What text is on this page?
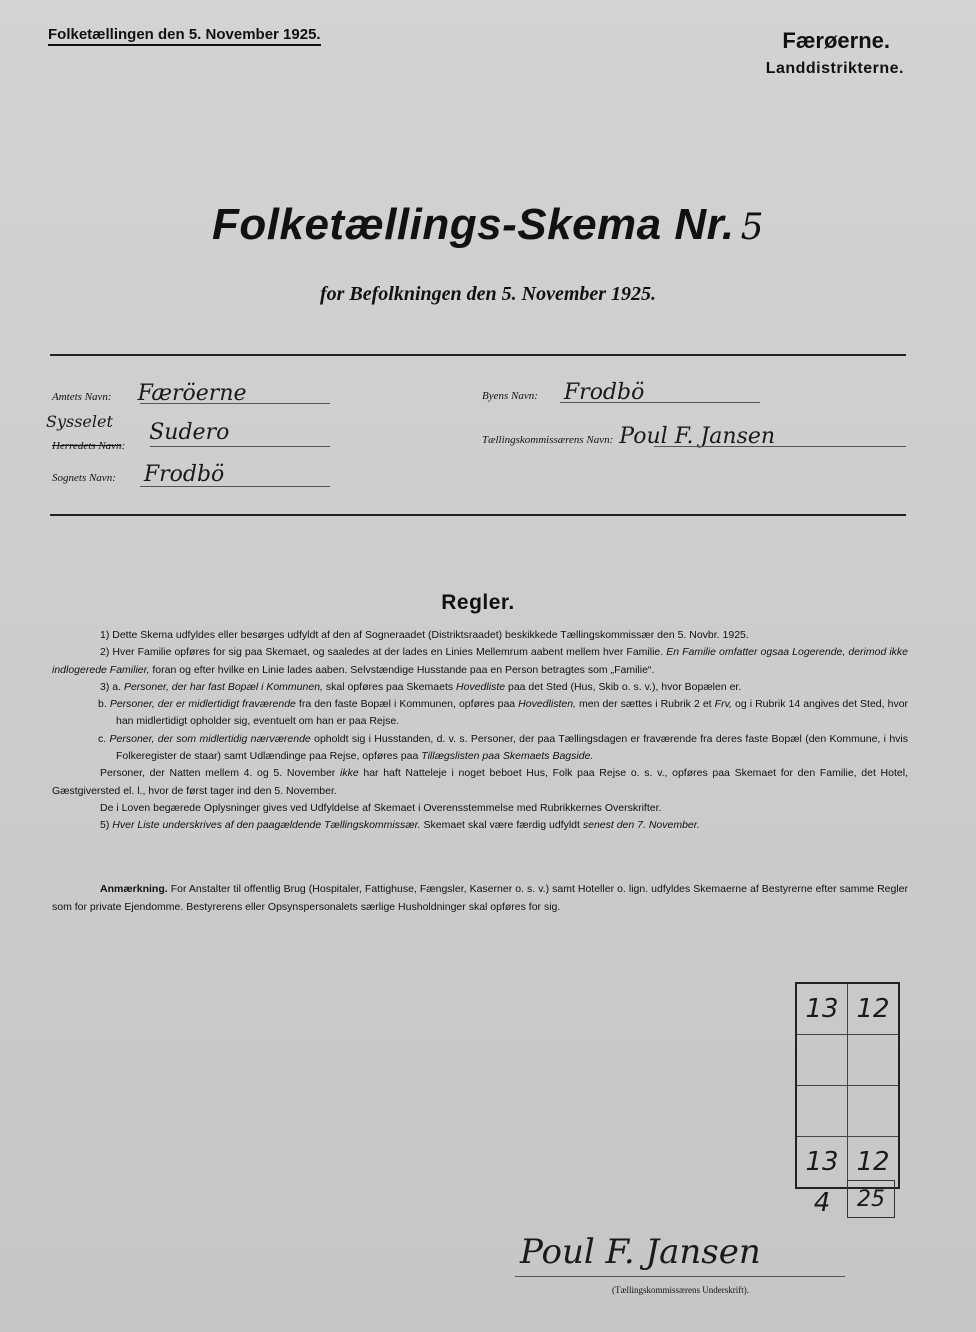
Folketællingen den 5. November 1925.	Færøerne.
Landdistrikterne.
Folketællings-Skema Nr. 5
for Befolkningen den 5. November 1925.
Amtets Navn: Færöerne
Sysselet
Herredets Navn: Sudero
Sognets Navn: Frodbö
Byens Navn: Frodbö
Tællingskommissærens Navn: Poul F. Jansen
Regler.

1) Dette Skema udfyldes eller besørges udfyldt af den af Sogneraadet (Distriktsraadet) beskikkede Tællingskommissær den 5. Novbr. 1925.

2) Hver Familie opføres for sig paa Skemaet, og saaledes at der lades en Linies Mellemrum aabent mellem hver Familie. En Familie omfatter ogsaa Logerende, derimod ikke indlogerede Familier, foran og efter hvilke en Linie lades aaben. Selvstændige Husstande paa en Person betragtes som „Familie“.

3) a. Personer, der har fast Bopæl i Kommunen, skal opføres paa Skemaets Hovedliste paa det Sted (Hus, Skib o. s. v.), hvor Bopælen er.

b. Personer, der er midlertidigt fraværende fra den faste Bopæl i Kommunen, opføres paa Hovedlisten, men der sættes i Rubrik 2 et Frv, og i Rubrik 14 angives det Sted, hvor han midlertidigt opholder sig, eventuelt om han er paa Rejse.

c. Personer, der som midlertidig nærværende opholdt sig i Husstanden, d. v. s. Personer, der paa Tællingsdagen er fraværende fra deres faste Bopæl (den Kommune, i hvis Folkeregister de staar) samt Udlændinge paa Rejse, opføres paa Tillægslisten paa Skemaets Bagside.

Personer, der Natten mellem 4. og 5. November ikke har haft Natteleje i noget beboet Hus, Folk paa Rejse o. s. v., opføres paa Skemaet for den Familie, det Hotel, Gæstgiversted el. l., hvor de først tager ind den 5. November.

De i Loven begærede Oplysninger gives ved Udfyldelse af Skemaet i Overensstemmelse med Rubrikkernes Overskrifter.

5) Hver Liste underskrives af den paagældende Tællingskommissær. Skemaet skal være færdig udfyldt senest den 7. November.

Anmærkning. For Anstalter til offentlig Brug (Hospitaler, Fattighuse, Fængsler, Kaserner o. s. v.) samt Hoteller o. lign. udfyldes Skemaerne af Bestyrerne efter samme Regler som for private Ejendomme. Bestyrerens eller Opsynspersonalets særlige Husholdninger skal opføres for sig.

13 12
13 12
4	25
Poul F. Jansen
(Tællingskommissærens Underskrift).
